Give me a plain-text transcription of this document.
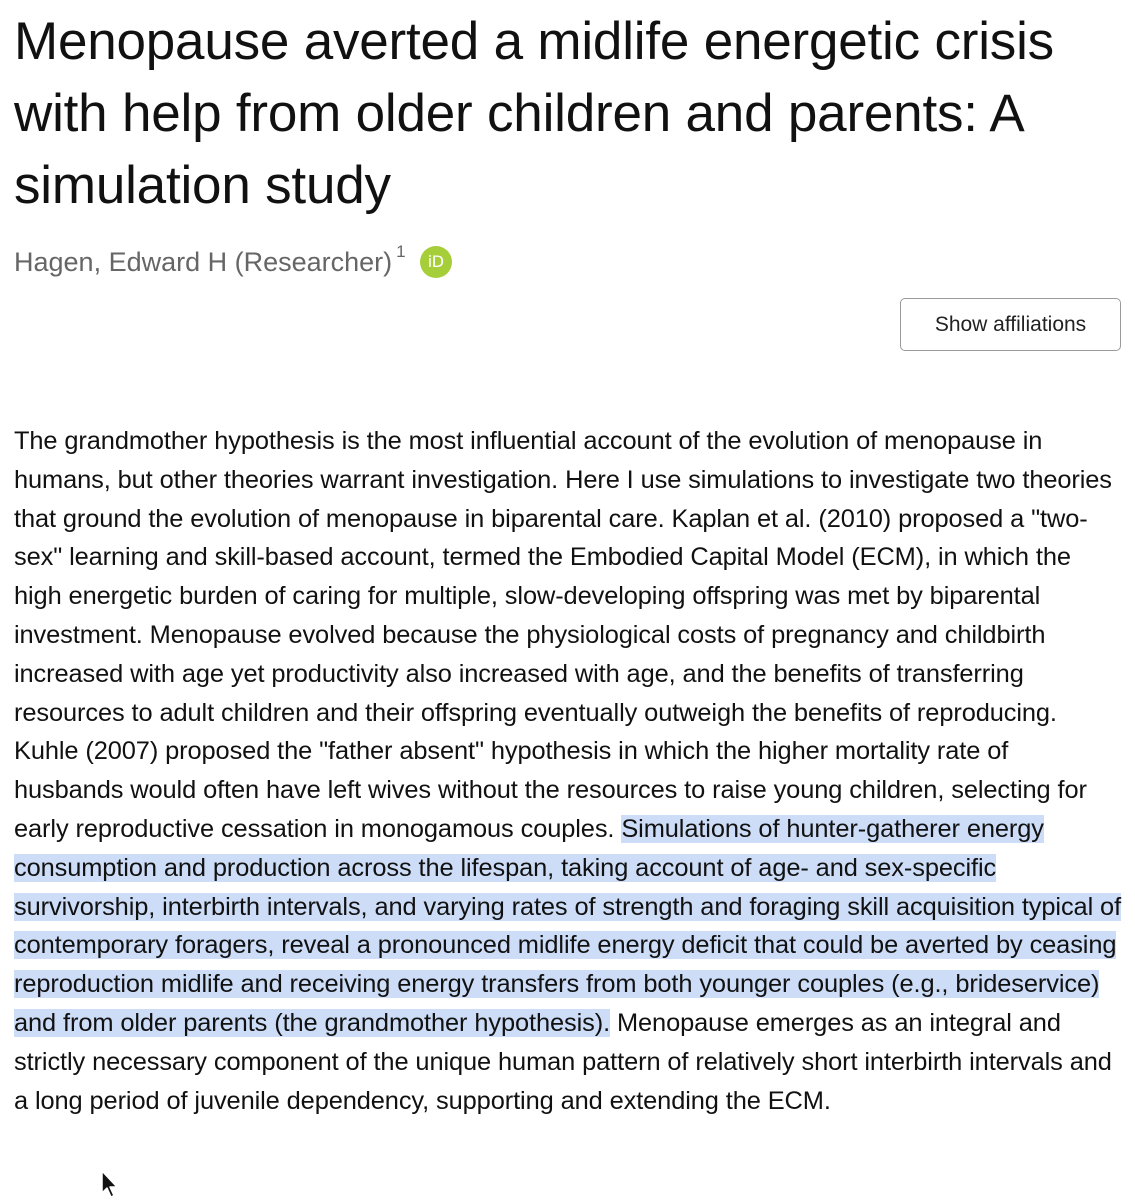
Menopause averted a midlife energetic crisis with help from older children and parents: A simulation study
Hagen, Edward H (Researcher)$^1$
iD
Show affiliations

The grandmother hypothesis is the most influential account of the evolution of menopause in humans, but other theories warrant investigation. Here I use simulations to investigate two theories that ground the evolution of menopause in biparental care. Kaplan et al. (2010) proposed a "two-sex" learning and skill-based account, termed the Embodied Capital Model (ECM), in which the high energetic burden of caring for multiple, slow-developing offspring was met by biparental investment. Menopause evolved because the physiological costs of pregnancy and childbirth increased with age yet productivity also increased with age, and the benefits of transferring resources to adult children and their offspring eventually outweigh the benefits of reproducing. Kuhle (2007) proposed the "father absent" hypothesis in which the higher mortality rate of husbands would often have left wives without the resources to raise young children, selecting for early reproductive cessation in monogamous couples. Simulations of hunter-gatherer energy consumption and production across the lifespan, taking account of age- and sex-specific survivorship, interbirth intervals, and varying rates of strength and foraging skill acquisition typical of contemporary foragers, reveal a pronounced midlife energy deficit that could be averted by ceasing reproduction midlife and receiving energy transfers from both younger couples (e.g., brideservice) and from older parents (the grandmother hypothesis). Menopause emerges as an integral and strictly necessary component of the unique human pattern of relatively short interbirth intervals and a long period of juvenile dependency, supporting and extending the ECM.
